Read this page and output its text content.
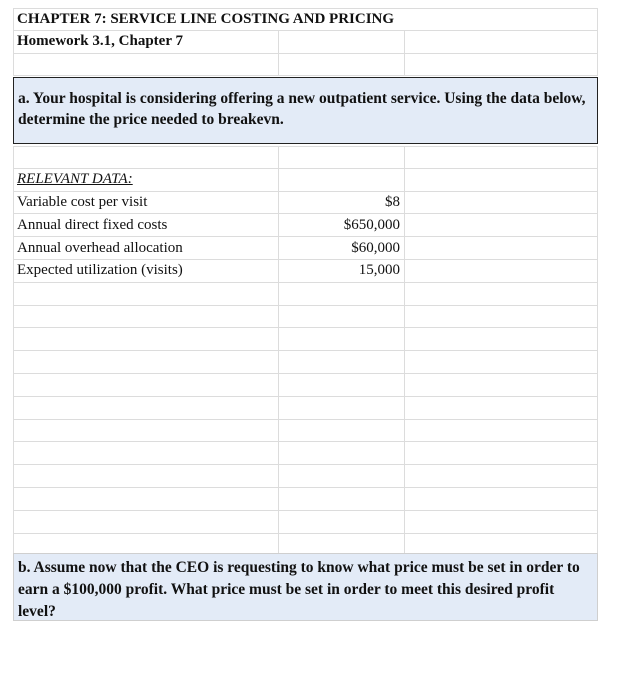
CHAPTER 7: SERVICE LINE COSTING AND PRICING
Homework 3.1, Chapter 7
a. Your hospital is considering offering a new outpatient service. Using the data below, determine the price needed to breakevn.
RELEVANT DATA:
Variable cost per visit	$8
Annual direct fixed costs	$650,000
Annual overhead allocation	$60,000
Expected utilization (visits)	15,000
b. Assume now that the CEO is requesting to know what price must be set in order to earn a $100,000 profit. What price must be set in order to meet this desired profit level?
